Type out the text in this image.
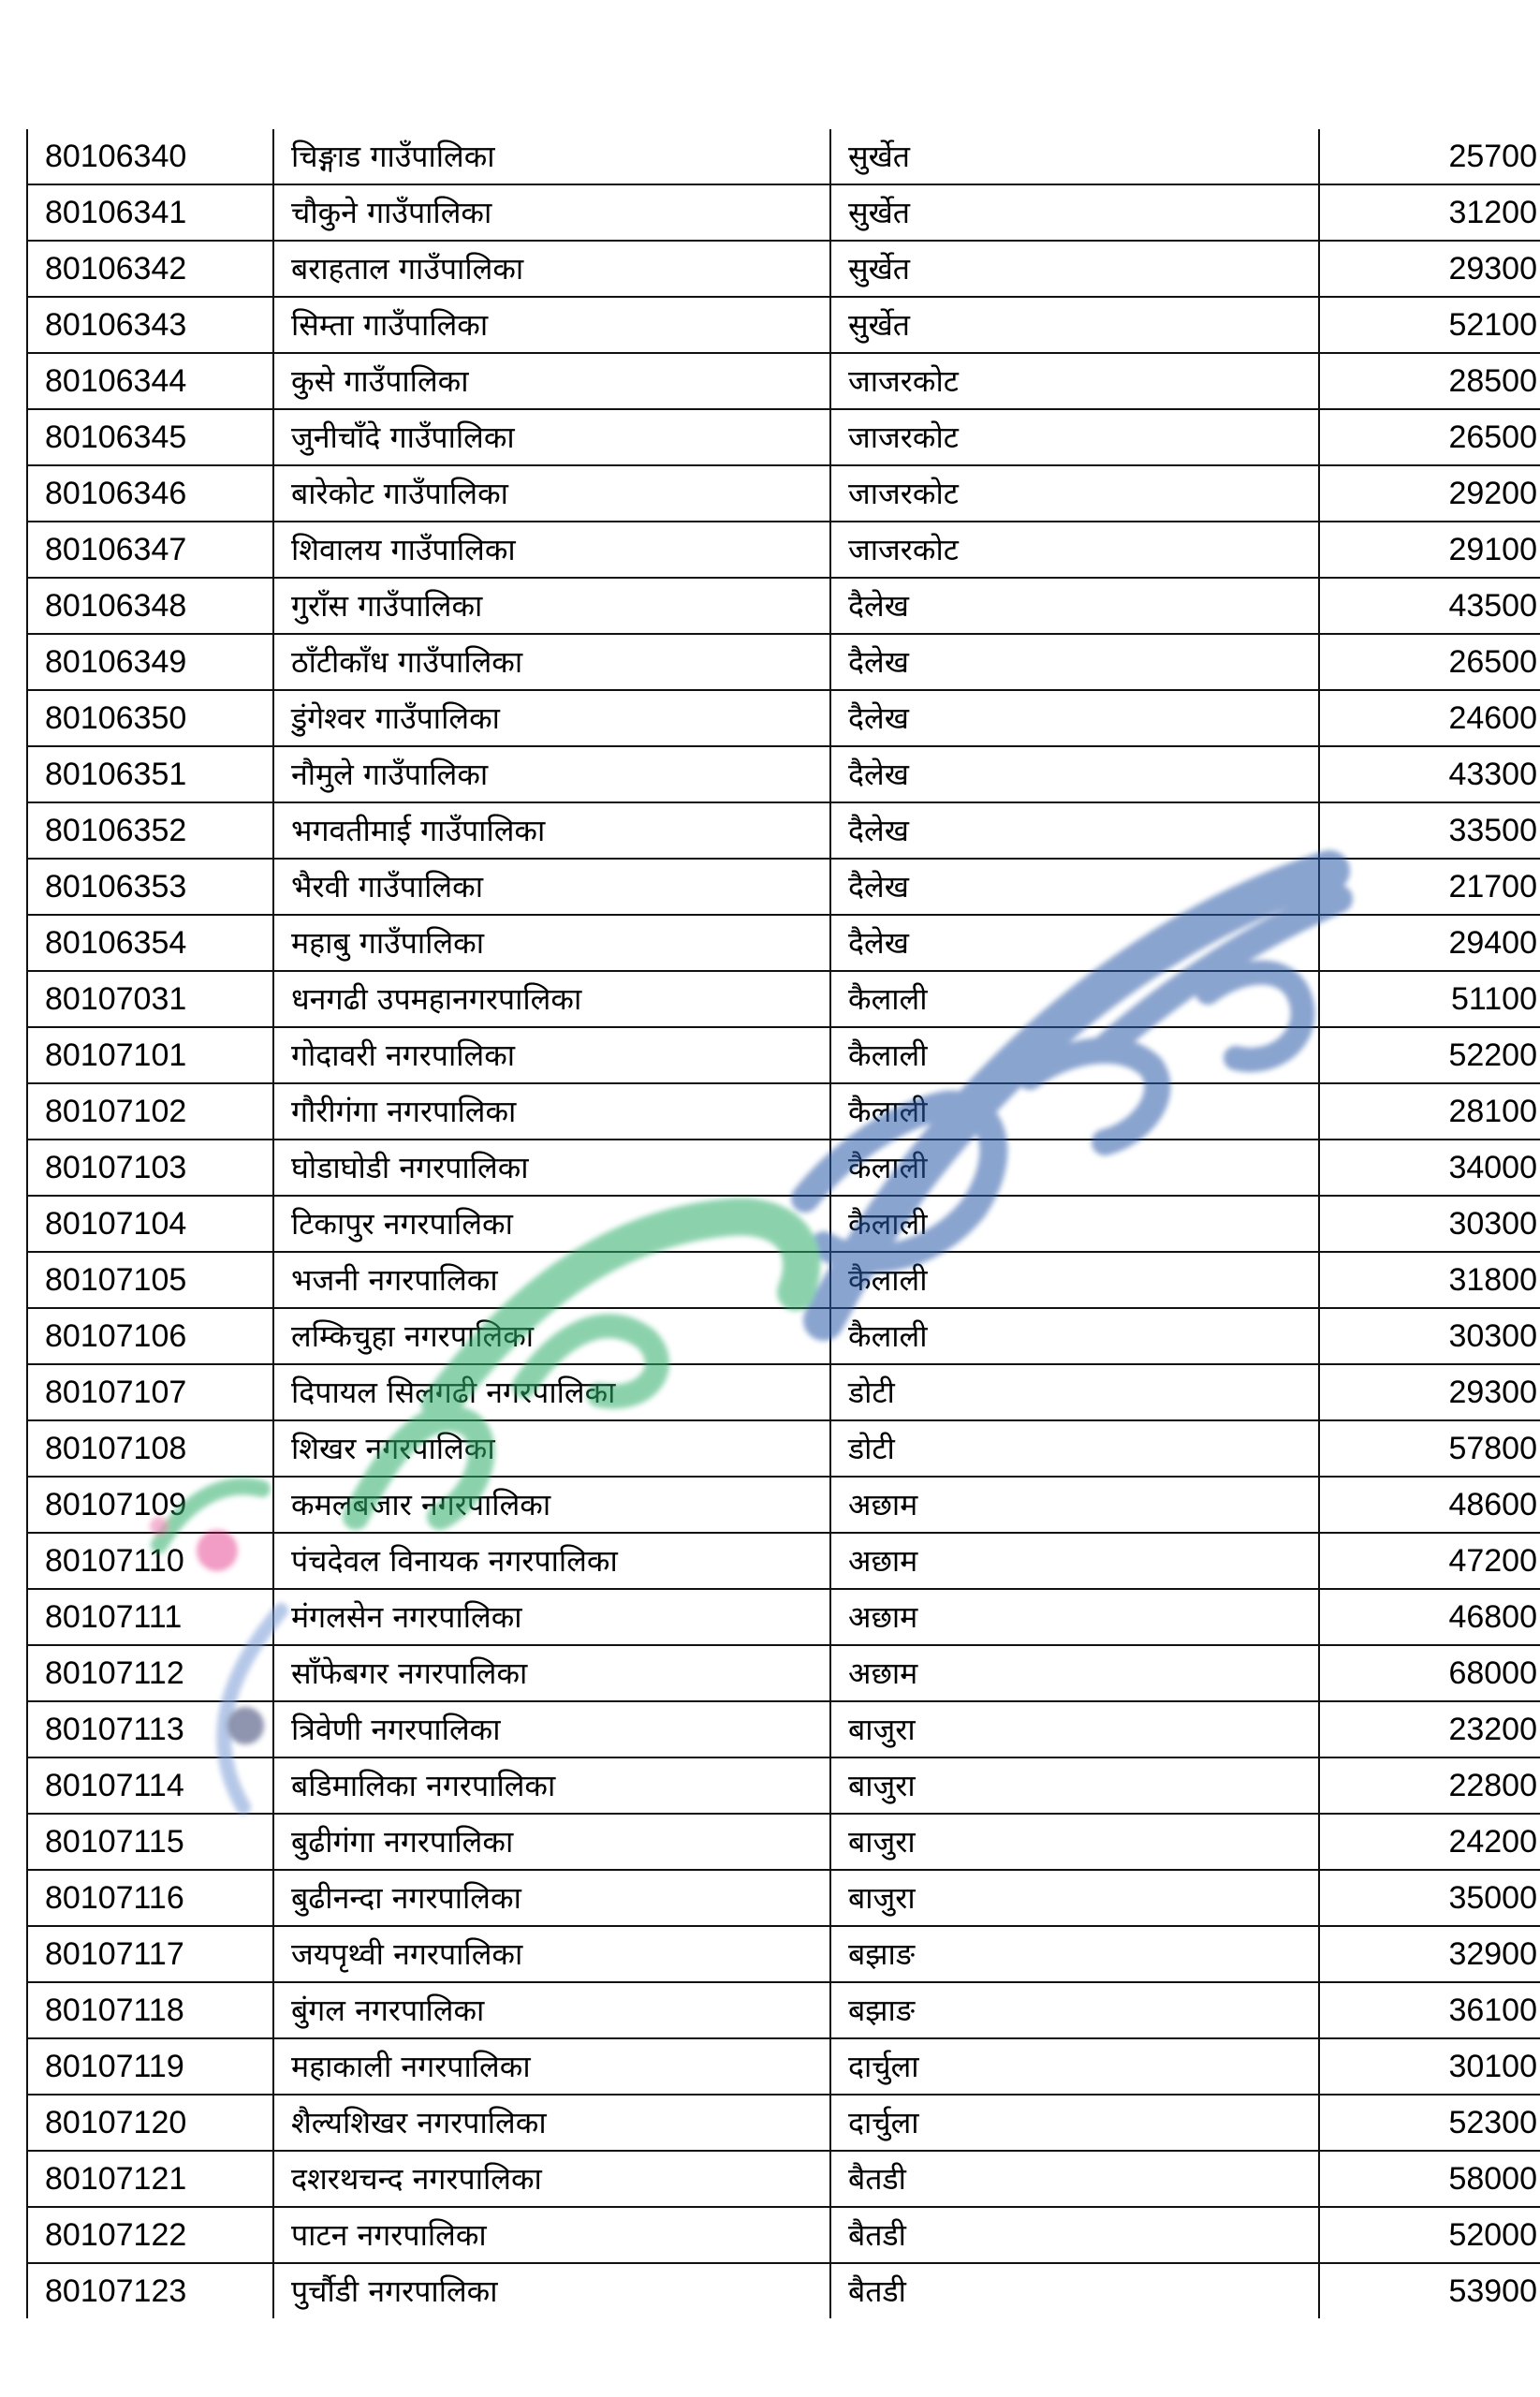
80106340	चिङ्गाड गाउँपालिका	सुर्खेत	25700
80106341	चौकुने गाउँपालिका	सुर्खेत	31200
80106342	बराहताल गाउँपालिका	सुर्खेत	29300
80106343	सिम्ता गाउँपालिका	सुर्खेत	52100
80106344	कुसे गाउँपालिका	जाजरकोट	28500
80106345	जुनीचाँदे गाउँपालिका	जाजरकोट	26500
80106346	बारेकोट गाउँपालिका	जाजरकोट	29200
80106347	शिवालय गाउँपालिका	जाजरकोट	29100
80106348	गुराँस गाउँपालिका	दैलेख	43500
80106349	ठाँटीकाँध गाउँपालिका	दैलेख	26500
80106350	डुंगेश्वर गाउँपालिका	दैलेख	24600
80106351	नौमुले गाउँपालिका	दैलेख	43300
80106352	भगवतीमाई गाउँपालिका	दैलेख	33500
80106353	भैरवी गाउँपालिका	दैलेख	21700
80106354	महाबु गाउँपालिका	दैलेख	29400
80107031	धनगढी उपमहानगरपालिका	कैलाली	51100
80107101	गोदावरी नगरपालिका	कैलाली	52200
80107102	गौरीगंगा नगरपालिका	कैलाली	28100
80107103	घोडाघोडी नगरपालिका	कैलाली	34000
80107104	टिकापुर नगरपालिका	कैलाली	30300
80107105	भजनी नगरपालिका	कैलाली	31800
80107106	लम्किचुहा नगरपालिका	कैलाली	30300
80107107	दिपायल सिलगढी नगरपालिका	डोटी	29300
80107108	शिखर नगरपालिका	डोटी	57800
80107109	कमलबजार नगरपालिका	अछाम	48600
80107110	पंचदेवल विनायक नगरपालिका	अछाम	47200
80107111	मंगलसेन नगरपालिका	अछाम	46800
80107112	साँफेबगर नगरपालिका	अछाम	68000
80107113	त्रिवेणी नगरपालिका	बाजुरा	23200
80107114	बडिमालिका नगरपालिका	बाजुरा	22800
80107115	बुढीगंगा नगरपालिका	बाजुरा	24200
80107116	बुढीनन्दा नगरपालिका	बाजुरा	35000
80107117	जयपृथ्वी नगरपालिका	बझाङ	32900
80107118	बुंगल नगरपालिका	बझाङ	36100
80107119	महाकाली नगरपालिका	दार्चुला	30100
80107120	शैल्यशिखर नगरपालिका	दार्चुला	52300
80107121	दशरथचन्द नगरपालिका	बैतडी	58000
80107122	पाटन नगरपालिका	बैतडी	52000
80107123	पुर्चौडी नगरपालिका	बैतडी	53900
